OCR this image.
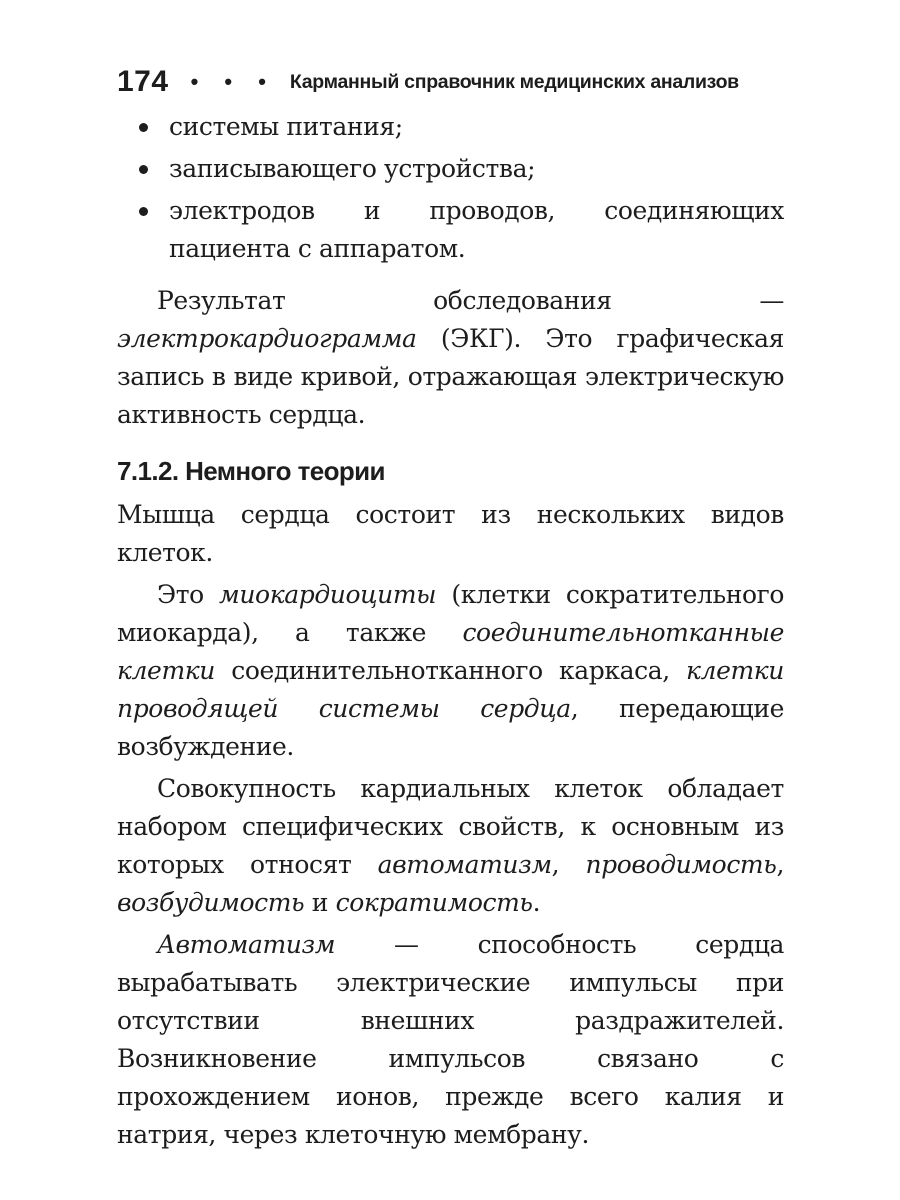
174 • • • Карманный справочник медицинских анализов
системы питания;
записывающего устройства;
электродов и проводов, соединяющих пациента с аппаратом.

Результат обследования — электрокардиограмма (ЭКГ). Это графическая запись в виде кривой, отражающая электрическую активность сердца.

7.1.2. Немного теории

Мышца сердца состоит из нескольких видов клеток.

Это миокардиоциты (клетки сократительного миокарда), а также соединительнотканные клетки соединительнотканного каркаса, клетки проводящей системы сердца, передающие возбуждение.

Совокупность кардиальных клеток обладает набором специфических свойств, к основным из которых относят автоматизм, проводимость, возбудимость и сократимость.

Автоматизм — способность сердца вырабатывать электрические импульсы при отсутствии внешних раздражителей. Возникновение импульсов связано с прохождением ионов, прежде всего калия и натрия, через клеточную мембрану.
